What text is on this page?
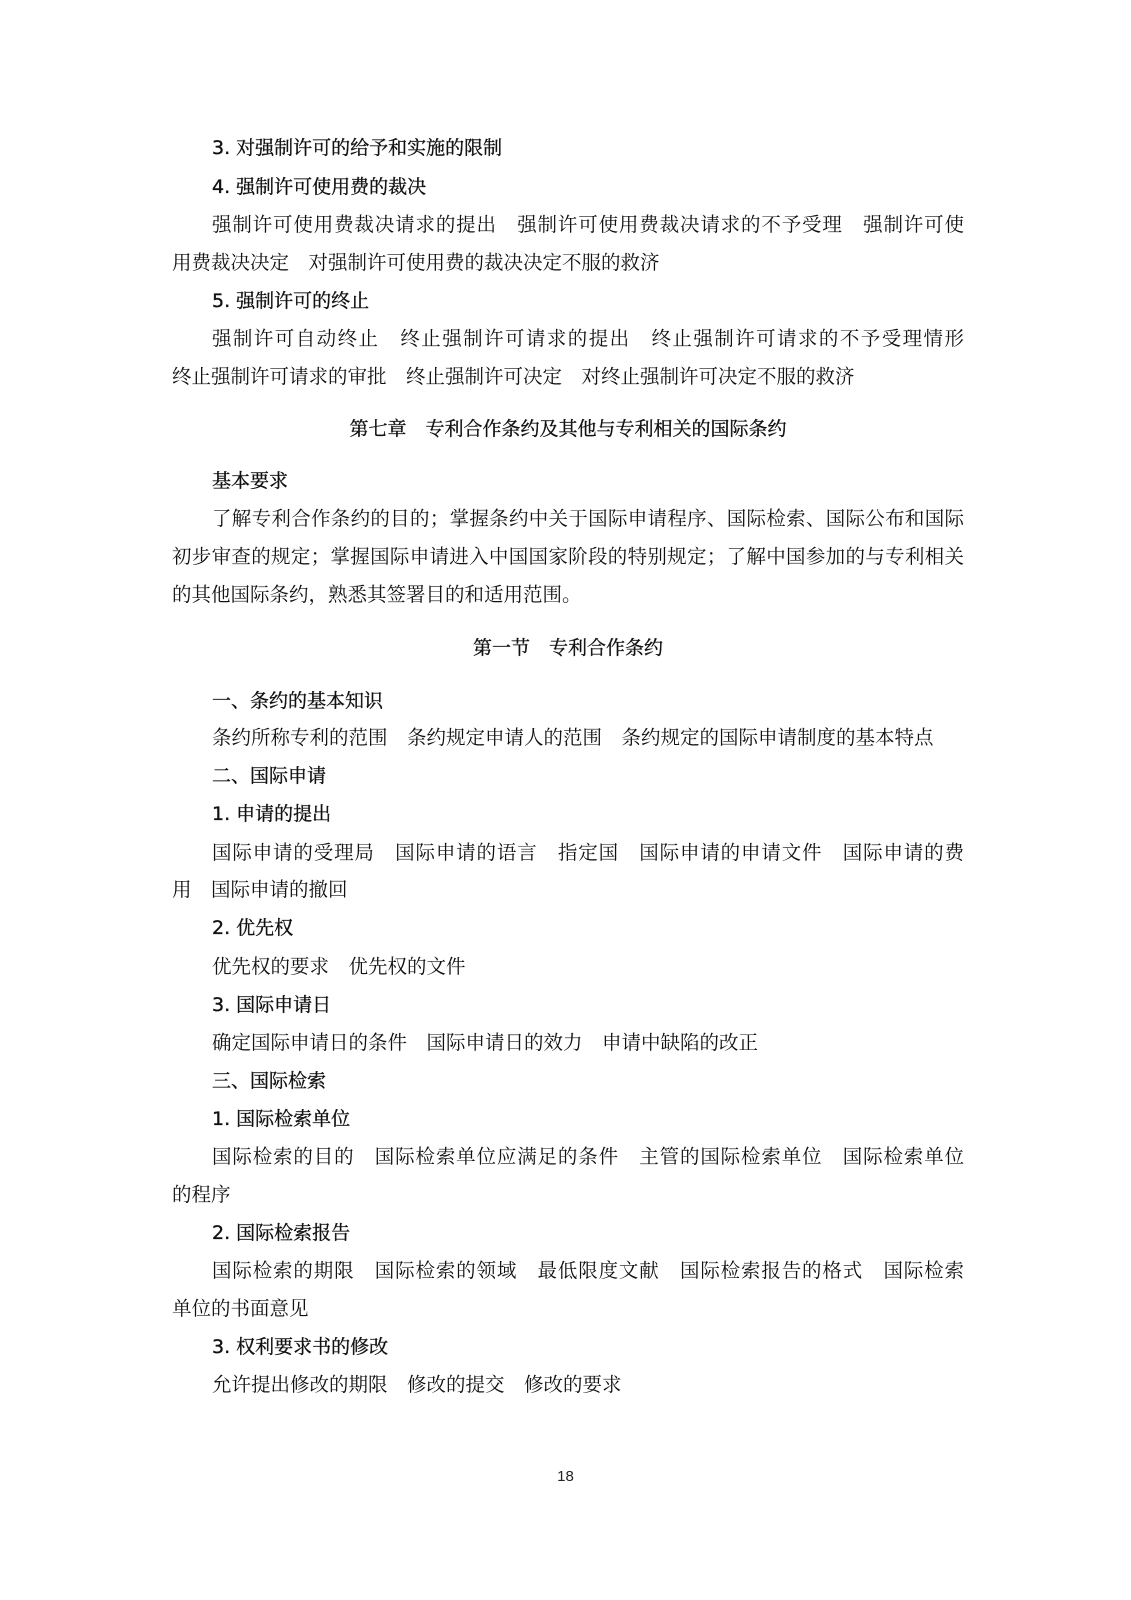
3. 对强制许可的给予和实施的限制
4. 强制许可使用费的裁决
强制许可使用费裁决请求的提出　强制许可使用费裁决请求的不予受理　强制许可使
用费裁决决定　对强制许可使用费的裁决决定不服的救济
5. 强制许可的终止
强制许可自动终止　终止强制许可请求的提出　终止强制许可请求的不予受理情形
终止强制许可请求的审批　终止强制许可决定　对终止强制许可决定不服的救济
第七章　专利合作条约及其他与专利相关的国际条约
基本要求
了解专利合作条约的目的；掌握条约中关于国际申请程序、国际检索、国际公布和国际
初步审查的规定；掌握国际申请进入中国国家阶段的特别规定；了解中国参加的与专利相关
的其他国际条约，熟悉其签署目的和适用范围。
第一节　专利合作条约
一、条约的基本知识
条约所称专利的范围　条约规定申请人的范围　条约规定的国际申请制度的基本特点
二、国际申请
1. 申请的提出
国际申请的受理局　国际申请的语言　指定国　国际申请的申请文件　国际申请的费
用　国际申请的撤回
2. 优先权
优先权的要求　优先权的文件
3. 国际申请日
确定国际申请日的条件　国际申请日的效力　申请中缺陷的改正
三、国际检索
1. 国际检索单位
国际检索的目的　国际检索单位应满足的条件　主管的国际检索单位　国际检索单位
的程序
2. 国际检索报告
国际检索的期限　国际检索的领域　最低限度文献　国际检索报告的格式　国际检索
单位的书面意见
3. 权利要求书的修改
允许提出修改的期限　修改的提交　修改的要求
18
